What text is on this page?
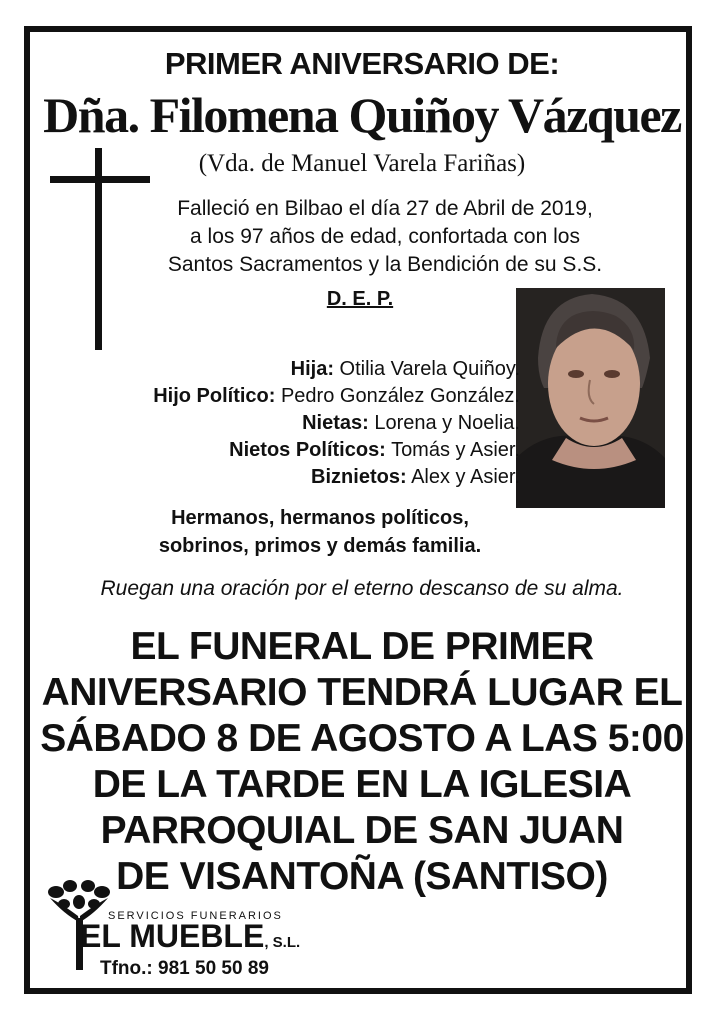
PRIMER ANIVERSARIO DE:
Dña. Filomena Quiñoy Vázquez
(Vda. de Manuel Varela Fariñas)
Falleció en Bilbao el día 27 de Abril de 2019,
a los 97 años de edad, confortada con los
Santos Sacramentos y la Bendición de su S.S.
D. E. P.
Hija: Otilia Varela Quiñoy.
Hijo Político: Pedro González González.
Nietas: Lorena y Noelia.
Nietos Políticos: Tomás y Asier.
Biznietos: Alex y Asier.
Hermanos, hermanos políticos,
sobrinos, primos y demás familia.
Ruegan una oración por el eterno descanso de su alma.
EL FUNERAL DE PRIMER
ANIVERSARIO TENDRÁ LUGAR EL
SÁBADO 8 DE AGOSTO A LAS 5:00
DE LA TARDE EN LA IGLESIA
PARROQUIAL DE SAN JUAN
DE VISANTOÑA (SANTISO)
SERVICIOS FUNERARIOS
EL MUEBLE, S.L.
Tfno.: 981 50 50 89
